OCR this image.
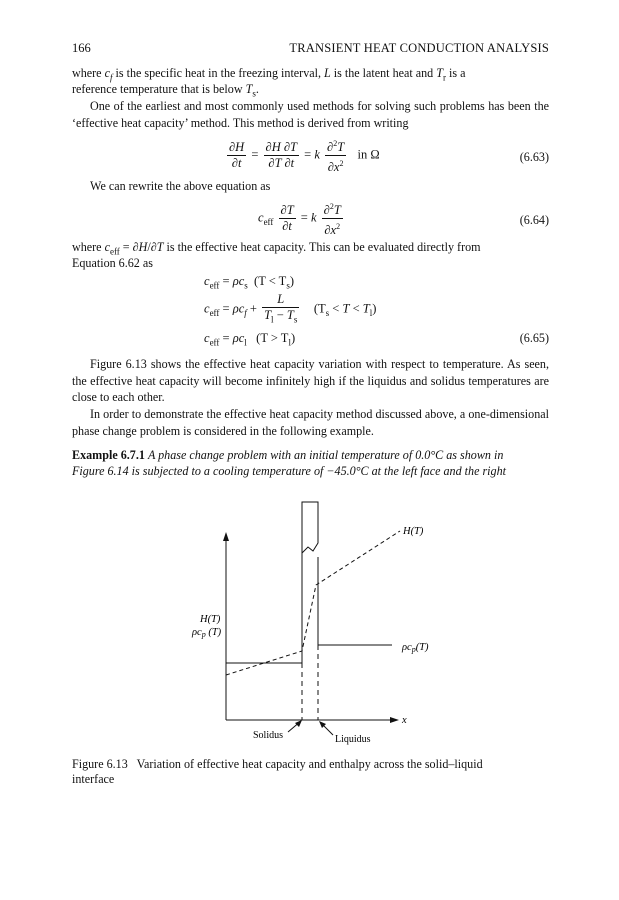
166	TRANSIENT HEAT CONDUCTION ANALYSIS
where $c_f$ is the specific heat in the freezing interval, L is the latent heat and $T_r$ is a
reference temperature that is below $T_s$.
One of the earliest and most commonly used methods for solving such problems has been the ‘effective heat capacity’ method. This method is derived from writing
$\frac{\partial H}{\partial t} = \frac{\partial H \partial T}{\partial T \partial t} = k \frac{\partial^2T}{\partial x^2}$ in Ω	(6.63)
We can rewrite the above equation as
$c_{eff} \frac{\partial T}{\partial t} = k \frac{\partial^2T}{\partial x^2}$	(6.64)
where $c_{eff} = \partial H/\partial T$ is the effective heat capacity. This can be evaluated directly from
Equation 6.62 as
$c_{eff} = \rho c_s$ $(T < T_s)$
$c_{eff} = \rho c_f + \frac{L}{T_l - T_s} (T_s < T < T_l)$
$c_{eff} = \rho c_l$ $(T > T_l)$	(6.65)
Figure 6.13 shows the effective heat capacity variation with respect to temperature. As seen, the effective heat capacity will become infinitely high if the liquidus and solidus temperatures are close to each other.
In order to demonstrate the effective heat capacity method discussed above, a one-dimensional phase change problem is considered in the following example.
Example 6.7.1 A phase change problem with an initial temperature of 0.0°C as shown in
Figure 6.14 is subjected to a cooling temperature of −45.0°C at the left face and the right
H(T)
H(T)
ρcp (T)
ρcp(T)
x
Solidus	Liquidus
Figure 6.13 Variation of effective heat capacity and enthalpy across the solid–liquid
interface
